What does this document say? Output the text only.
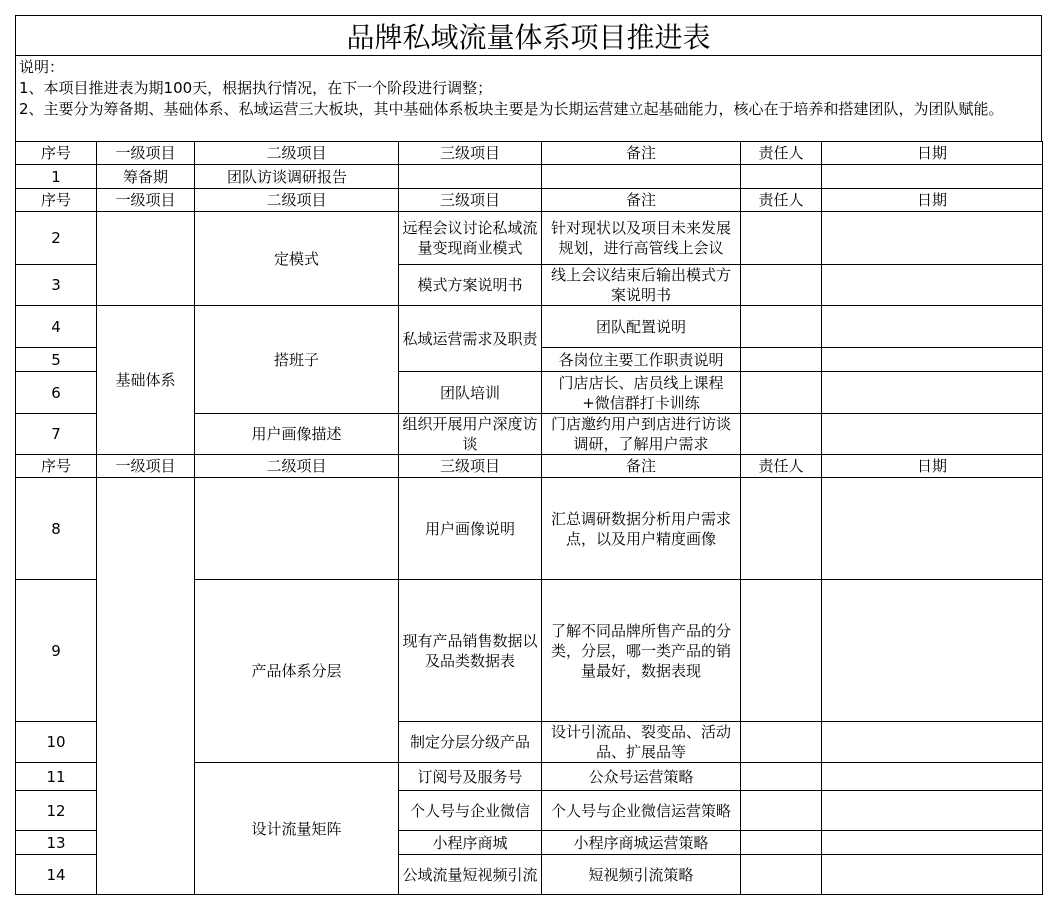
品牌私域流量体系项目推进表
说明：
1、本项目推进表为期100天，根据执行情况，在下一个阶段进行调整；
2、主要分为筹备期、基础体系、私域运营三大板块，其中基础体系板块主要是为长期运营建立起基础能力，核心在于培养和搭建团队，为团队赋能。
序号	一级项目	二级项目	三级项目	备注	责任人	日期
1	筹备期	团队访谈调研报告				
序号	一级项目	二级项目	三级项目	备注	责任人	日期
2		定模式	远程会议讨论私域流量变现商业模式	针对现状以及项目未来发展规划，进行高管线上会议		
3			模式方案说明书	线上会议结束后输出模式方案说明书		
4	基础体系	搭班子	私域运营需求及职责	团队配置说明		
5				各岗位主要工作职责说明		
6			团队培训	门店店长、店员线上课程+微信群打卡训练		
7		用户画像描述	组织开展用户深度访谈	门店邀约用户到店进行访谈调研，了解用户需求		
序号	一级项目	二级项目	三级项目	备注	责任人	日期
8			用户画像说明	汇总调研数据分析用户需求点，以及用户精度画像		
9		产品体系分层	现有产品销售数据以及品类数据表	了解不同品牌所售产品的分类，分层，哪一类产品的销量最好，数据表现		
10			制定分层分级产品	设计引流品、裂变品、活动品、扩展品等		
11		设计流量矩阵	订阅号及服务号	公众号运营策略		
12			个人号与企业微信	个人号与企业微信运营策略		
13			小程序商城	小程序商城运营策略		
14			公域流量短视频引流	短视频引流策略		
